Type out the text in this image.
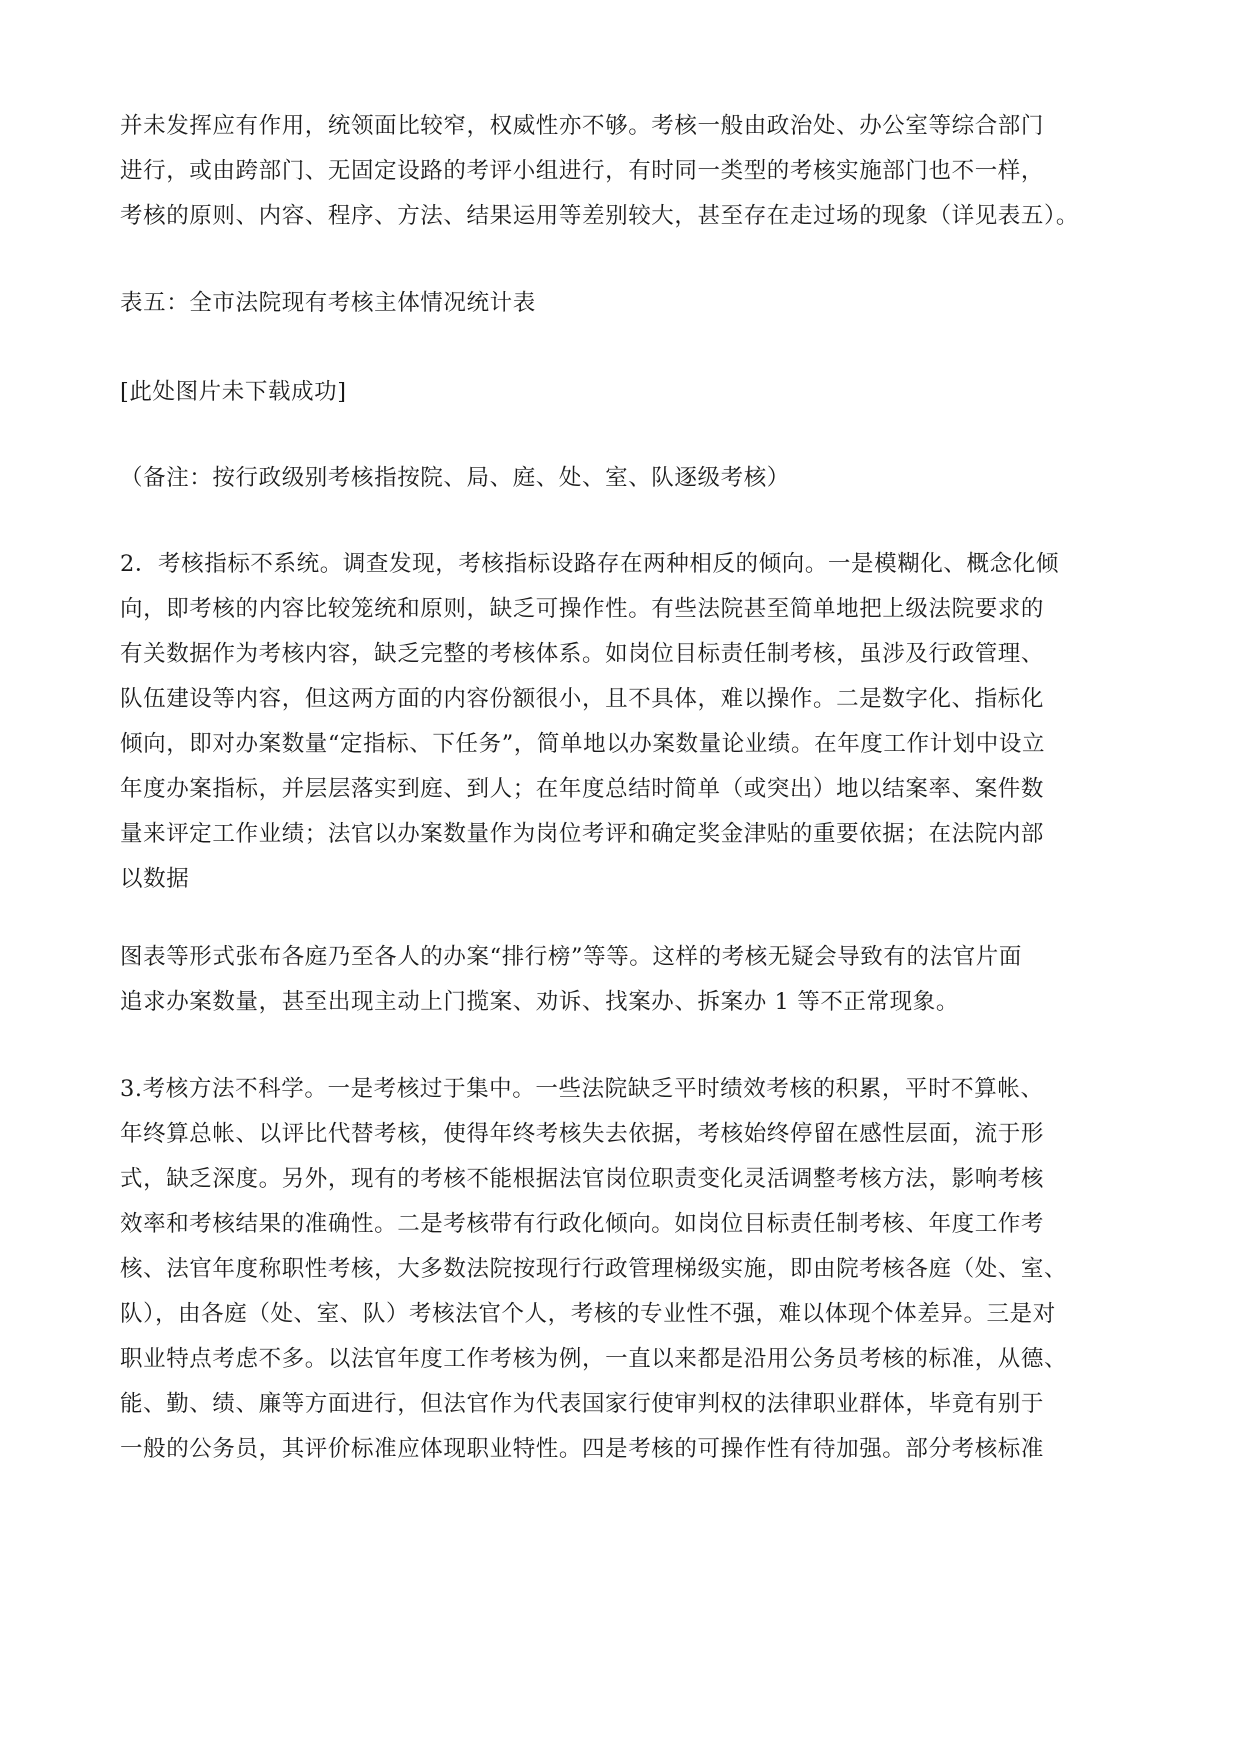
并未发挥应有作用，统领面比较窄，权威性亦不够。考核一般由政治处、办公室等综合部门
进行，或由跨部门、无固定设路的考评小组进行，有时同一类型的考核实施部门也不一样，
考核的原则、内容、程序、方法、结果运用等差别较大，甚至存在走过场的现象（详见表五）。
表五：全市法院现有考核主体情况统计表
[此处图片未下载成功]
（备注：按行政级别考核指按院、局、庭、处、室、队逐级考核）
2．考核指标不系统。调查发现，考核指标设路存在两种相反的倾向。一是模糊化、概念化倾
向，即考核的内容比较笼统和原则，缺乏可操作性。有些法院甚至简单地把上级法院要求的
有关数据作为考核内容，缺乏完整的考核体系。如岗位目标责任制考核，虽涉及行政管理、
队伍建设等内容，但这两方面的内容份额很小，且不具体，难以操作。二是数字化、指标化
倾向，即对办案数量“定指标、下任务”，简单地以办案数量论业绩。在年度工作计划中设立
年度办案指标，并层层落实到庭、到人；在年度总结时简单（或突出）地以结案率、案件数
量来评定工作业绩；法官以办案数量作为岗位考评和确定奖金津贴的重要依据；在法院内部
以数据
图表等形式张布各庭乃至各人的办案“排行榜”等等。这样的考核无疑会导致有的法官片面
追求办案数量，甚至出现主动上门揽案、劝诉、找案办、拆案办 1 等不正常现象。
3.考核方法不科学。一是考核过于集中。一些法院缺乏平时绩效考核的积累，平时不算帐、
年终算总帐、以评比代替考核，使得年终考核失去依据，考核始终停留在感性层面，流于形
式，缺乏深度。另外，现有的考核不能根据法官岗位职责变化灵活调整考核方法，影响考核
效率和考核结果的准确性。二是考核带有行政化倾向。如岗位目标责任制考核、年度工作考
核、法官年度称职性考核，大多数法院按现行行政管理梯级实施，即由院考核各庭（处、室、
队），由各庭（处、室、队）考核法官个人，考核的专业性不强，难以体现个体差异。三是对
职业特点考虑不多。以法官年度工作考核为例，一直以来都是沿用公务员考核的标准，从德、
能、勤、绩、廉等方面进行，但法官作为代表国家行使审判权的法律职业群体，毕竟有别于
一般的公务员，其评价标准应体现职业特性。四是考核的可操作性有待加强。部分考核标准
